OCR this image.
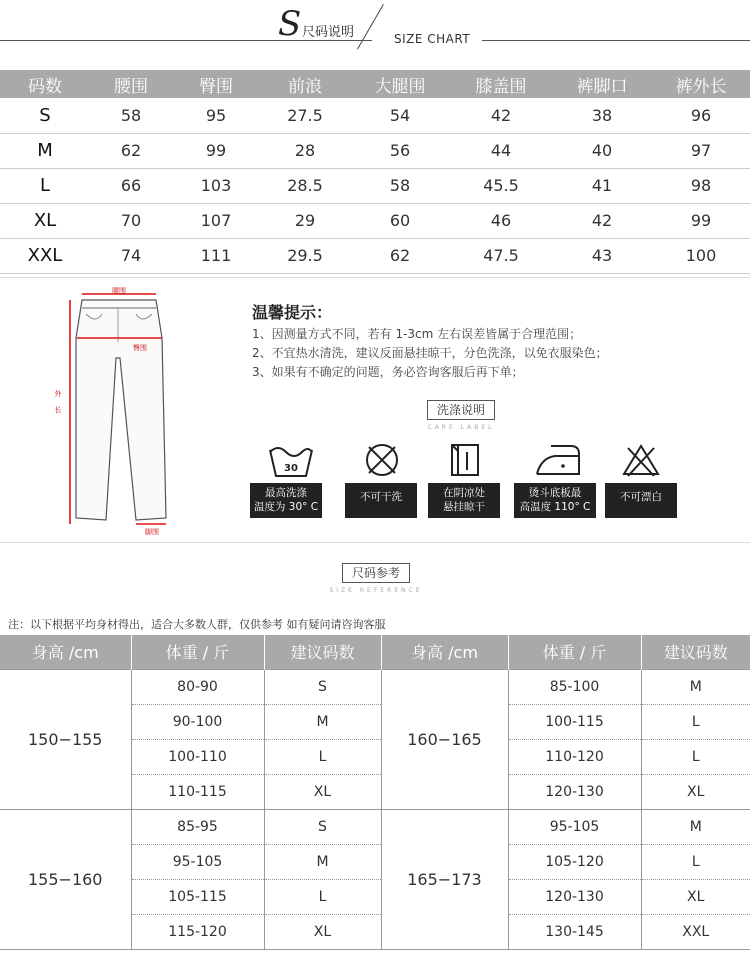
S 尺码说明	SIZE CHART
码数	腰围	臀围	前浪	大腿围	膝盖围	裤脚口	裤外长
S	58	95	27.5	54	42	38	96
M	62	99	28	56	44	40	97
L	66	103	28.5	58	45.5	41	98
XL	70	107	29	60	46	42	99
XXL	74	111	29.5	62	47.5	43	100
腰围
臀围
外
长
脚围
温馨提示：
1、因测量方式不同，若有 1-3cm 左右误差皆属于合理范围；
2、不宜热水清洗，建议反面悬挂晾干，分色洗涤，以免衣服染色；
3、如果有不确定的问题，务必咨询客服后再下单；
洗涤说明
CARE LABEL
30
最高洗涤
温度为 30° C
不可干洗	在阴凉处
悬挂晾干
烫斗底板最
高温度 110° C
不可漂白
尺码参考
SIZE REFERENCE
注：以下根据平均身材得出，适合大多数人群，仅供参考 如有疑问请咨询客服
身高 /cm	体重 / 斤	建议码数	身高 /cm	体重 / 斤	建议码数
150−155	80-90	S	160−165	85-100	M
	90-100	M		100-115	L
	100-110	L		110-120	L
	110-115	XL		120-130	XL
155−160	85-95	S	165−173	95-105	M
	95-105	M		105-120	L
	105-115	L		120-130	XL
	115-120	XL		130-145	XXL
